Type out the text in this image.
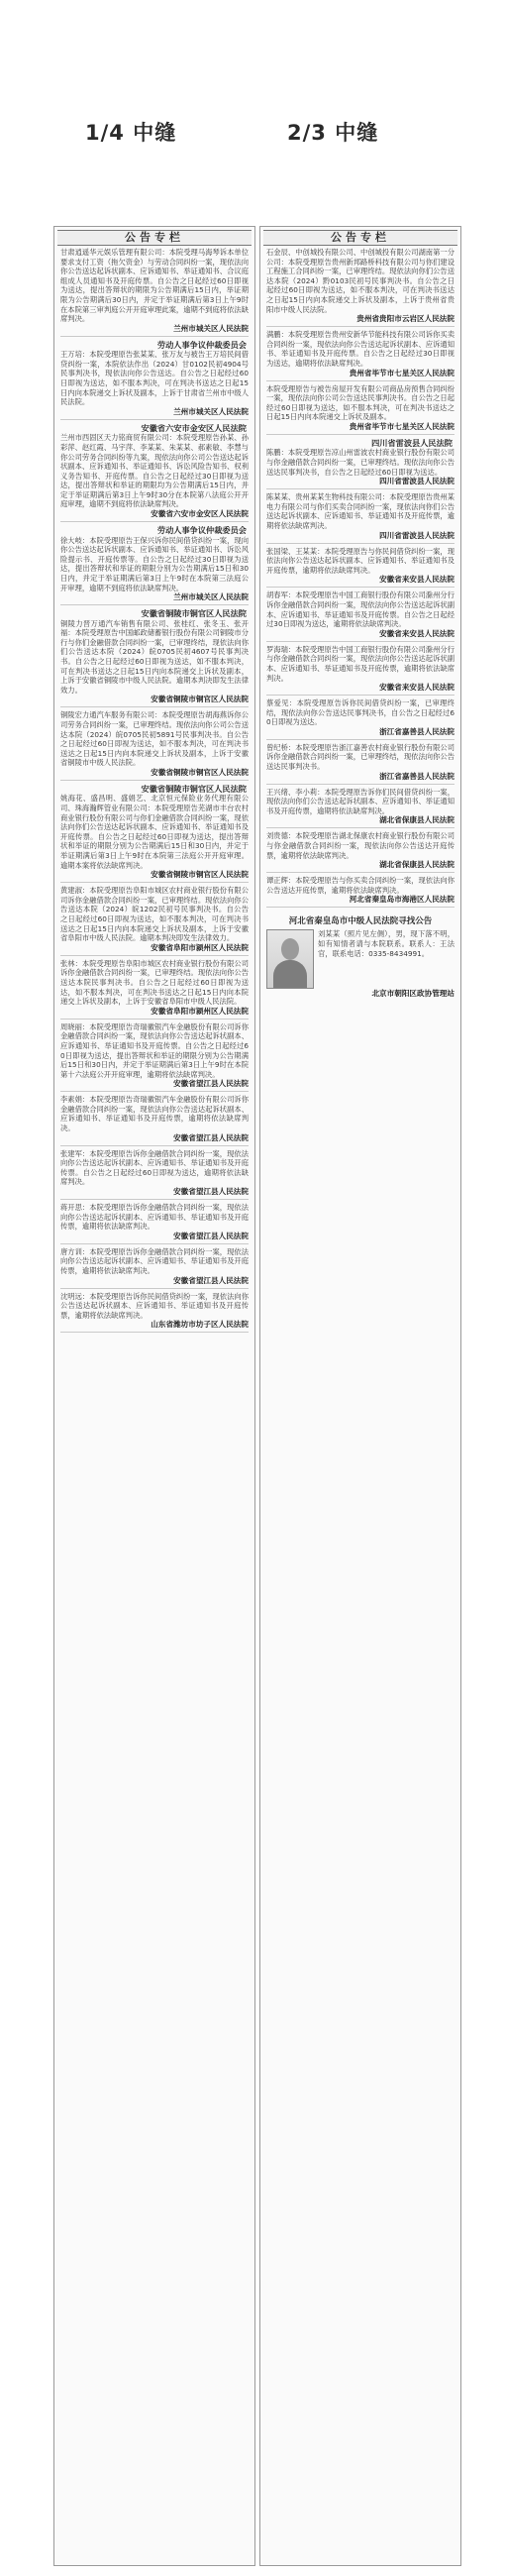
1/4 中缝	2/3 中缝
公告专栏
甘肃逍遥华元娱乐管理有限公司：本院受理马海琴诉本单位要求支付工资（拖欠资金）与劳动合同纠纷一案，现依法向你公告送达起诉状副本、应诉通知书、举证通知书、合议庭组成人员通知书及开庭传票。自公告之日起经过60日即视为送达，提出答辩状的期限为公告期满后15日内，举证期限为公告期满后30日内，并定于举证期满后第3日上午9时在本院第三审判庭公开开庭审理此案，逾期不到庭将依法缺席判决。
兰州市城关区人民法院
劳动人事争议仲裁委员会
王万培：本院受理原告张某某、张万友与被告王万培民间借贷纠纷一案，本院依法作出（2024）甘0102民初4904号民事判决书，现依法向你公告送达。自公告之日起经过60日即视为送达，如不服本判决，可在判决书送达之日起15日内向本院递交上诉状及副本，上诉于甘肃省兰州市中级人民法院。
兰州市城关区人民法院
安徽省六安市金安区人民法院
兰州市西固区天力铭商贸有限公司：本院受理原告孙某、孙彩萍、赵红霞、马宇萍、李某某、朱某某、郝素敏、李慧与你公司劳务合同纠纷等九案，现依法向你公司公告送达起诉状副本、应诉通知书、举证通知书、诉讼风险告知书、权利义务告知书、开庭传票。自公告之日起经过30日即视为送达，提出答辩状和举证的期限均为公告期满后15日内，并定于举证期满后第3日上午9时30分在本院第八法庭公开开庭审理，逾期不到庭将依法缺席判决。
安徽省六安市金安区人民法院
劳动人事争议仲裁委员会
徐大岐：本院受理原告王保兴诉你民间借贷纠纷一案，现向你公告送达起诉状副本、应诉通知书、举证通知书、诉讼风险提示书、开庭传票等。自公告之日起经过30日即视为送达，提出答辩状和举证的期限分别为公告期满后15日和30日内，并定于举证期满后第3日上午9时在本院第三法庭公开审理，逾期不到庭将依法缺席判决。
兰州市城关区人民法院
安徽省铜陵市铜官区人民法院
铜陵力晋万通汽车销售有限公司、张桂红、张冬玉、张开福：本院受理原告中国邮政储蓄银行股份有限公司铜陵市分行与你们金融借款合同纠纷一案，已审理终结，现依法向你们公告送达本院（2024）皖0705民初4607号民事判决书。自公告之日起经过60日即视为送达，如不服本判决，可在判决书送达之日起15日内向本院递交上诉状及副本，上诉于安徽省铜陵市中级人民法院。逾期本判决即发生法律效力。
安徽省铜陵市铜官区人民法院
铜陵宏力通汽车服务有限公司：本院受理原告胡海燕诉你公司劳务合同纠纷一案，已审理终结。现依法向你公司公告送达本院（2024）皖0705民初5891号民事判决书。自公告之日起经过60日即视为送达，如不服本判决，可在判决书送达之日起15日内向本院递交上诉状及副本，上诉于安徽省铜陵市中级人民法院。
安徽省铜陵市铜官区人民法院
安徽省铜陵市铜官区人民法院
姚海花、盛昌明、盛娟艺、北京恒元保险业务代理有限公司、珠海瀚辉管业有限公司：本院受理原告芜湖市丰台农村商业银行股份有限公司与你们金融借款合同纠纷一案，现依法向你们公告送达起诉状副本、应诉通知书、举证通知书及开庭传票。自公告之日起经过60日即视为送达，提出答辩状和举证的期限分别为公告期满后15日和30日内，并定于举证期满后第3日上午9时在本院第三法庭公开开庭审理。逾期本案将依法缺席判决。
安徽省铜陵市铜官区人民法院
黄建淑：本院受理原告阜阳市城区农村商业银行股份有限公司诉你金融借款合同纠纷一案，已审理终结。现依法向你公告送达本院（2024）皖1202民初号民事判决书。自公告之日起经过60日即视为送达，如不服本判决，可在判决书送达之日起15日内向本院递交上诉状及副本，上诉于安徽省阜阳市中级人民法院。逾期本判决即发生法律效力。
安徽省阜阳市颍州区人民法院
张林：本院受理原告阜阳市城区农村商业银行股份有限公司诉你金融借款合同纠纷一案，已审理终结。现依法向你公告送达本院民事判决书。自公告之日起经过60日即视为送达，如不服本判决，可在判决书送达之日起15日内向本院递交上诉状及副本，上诉于安徽省阜阳市中级人民法院。
安徽省阜阳市颍州区人民法院
周晓丽：本院受理原告奇瑞徽银汽车金融股份有限公司诉你金融借款合同纠纷一案，现依法向你公告送达起诉状副本、应诉通知书、举证通知书及开庭传票。自公告之日起经过60日即视为送达，提出答辩状和举证的期限分别为公告期满后15日和30日内，并定于举证期满后第3日上午9时在本院第十六法庭公开开庭审理，逾期将依法缺席判决。
安徽省望江县人民法院
李素娟：本院受理原告奇瑞徽银汽车金融股份有限公司诉你金融借款合同纠纷一案，现依法向你公告送达起诉状副本、应诉通知书、举证通知书及开庭传票，逾期将依法缺席判决。
安徽省望江县人民法院
张建军：本院受理原告诉你金融借款合同纠纷一案，现依法向你公告送达起诉状副本、应诉通知书、举证通知书及开庭传票。自公告之日起经过60日即视为送达，逾期将依法缺席判决。
安徽省望江县人民法院
蒋开思：本院受理原告诉你金融借款合同纠纷一案，现依法向你公告送达起诉状副本、应诉通知书、举证通知书及开庭传票，逾期将依法缺席判决。
安徽省望江县人民法院
唐方训：本院受理原告诉你金融借款合同纠纷一案，现依法向你公告送达起诉状副本、应诉通知书、举证通知书及开庭传票，逾期将依法缺席判决。
安徽省望江县人民法院
沈明远：本院受理原告诉你民间借贷纠纷一案，现依法向你公告送达起诉状副本、应诉通知书、举证通知书及开庭传票，逾期将依法缺席判决。
山东省潍坊市坊子区人民法院
公告专栏
石金辰、中创城投有限公司、中创城投有限公司湖南第一分公司：本院受理原告贵州新邦路桥科技有限公司与你们建设工程施工合同纠纷一案，已审理终结。现依法向你们公告送达本院（2024）黔0103民初号民事判决书。自公告之日起经过60日即视为送达，如不服本判决，可在判决书送达之日起15日内向本院递交上诉状及副本，上诉于贵州省贵阳市中级人民法院。
贵州省贵阳市云岩区人民法院
满鹏：本院受理原告贵州安新华节能科技有限公司诉你买卖合同纠纷一案，现依法向你公告送达起诉状副本、应诉通知书、举证通知书及开庭传票。自公告之日起经过30日即视为送达，逾期将依法缺席判决。
贵州省毕节市七星关区人民法院
本院受理原告与被告房屋开发有限公司商品房预售合同纠纷一案，现依法向你公司公告送达民事判决书。自公告之日起经过60日即视为送达，如不服本判决，可在判决书送达之日起15日内向本院递交上诉状及副本。
贵州省毕节市七星关区人民法院
四川省雷波县人民法院
陈鹏：本院受理原告凉山州雷波农村商业银行股份有限公司与你金融借款合同纠纷一案，已审理终结。现依法向你公告送达民事判决书，自公告之日起经过60日即视为送达。
四川省雷波县人民法院
陈某某、贵州某某生物科技有限公司：本院受理原告贵州某电力有限公司与你们买卖合同纠纷一案，现依法向你们公告送达起诉状副本、应诉通知书、举证通知书及开庭传票，逾期将依法缺席判决。
四川省雷波县人民法院
张国梁、王某某：本院受理原告与你民间借贷纠纷一案，现依法向你公告送达起诉状副本、应诉通知书、举证通知书及开庭传票，逾期将依法缺席判决。
安徽省来安县人民法院
胡春军：本院受理原告中国工商银行股份有限公司滁州分行诉你金融借款合同纠纷一案，现依法向你公告送达起诉状副本、应诉通知书、举证通知书及开庭传票。自公告之日起经过30日即视为送达，逾期将依法缺席判决。
安徽省来安县人民法院
罗海瑞：本院受理原告中国工商银行股份有限公司滁州分行与你金融借款合同纠纷一案，现依法向你公告送达起诉状副本、应诉通知书、举证通知书及开庭传票，逾期将依法缺席判决。
安徽省来安县人民法院
蔡爱见：本院受理原告诉你民间借贷纠纷一案，已审理终结，现依法向你公告送达民事判决书，自公告之日起经过60日即视为送达。
浙江省嘉善县人民法院
曾纪桥：本院受理原告浙江嘉善农村商业银行股份有限公司诉你金融借款合同纠纷一案，已审理终结，现依法向你公告送达民事判决书。
浙江省嘉善县人民法院
王兴绪、李小莉：本院受理原告诉你们民间借贷纠纷一案，现依法向你们公告送达起诉状副本、应诉通知书、举证通知书及开庭传票，逾期将依法缺席判决。
湖北省保康县人民法院
刘贵德：本院受理原告湖北保康农村商业银行股份有限公司与你金融借款合同纠纷一案，现依法向你公告送达开庭传票，逾期将依法缺席判决。
湖北省保康县人民法院
谭正辉：本院受理原告与你买卖合同纠纷一案，现依法向你公告送达开庭传票，逾期将依法缺席判决。
河北省秦皇岛市海港区人民法院
河北省秦皇岛市中级人民法院寻找公告
刘某某（照片见左侧），男，现下落不明，如有知情者请与本院联系。联系人：王法官，联系电话：0335-8434991。
北京市朝阳区政协管理站
